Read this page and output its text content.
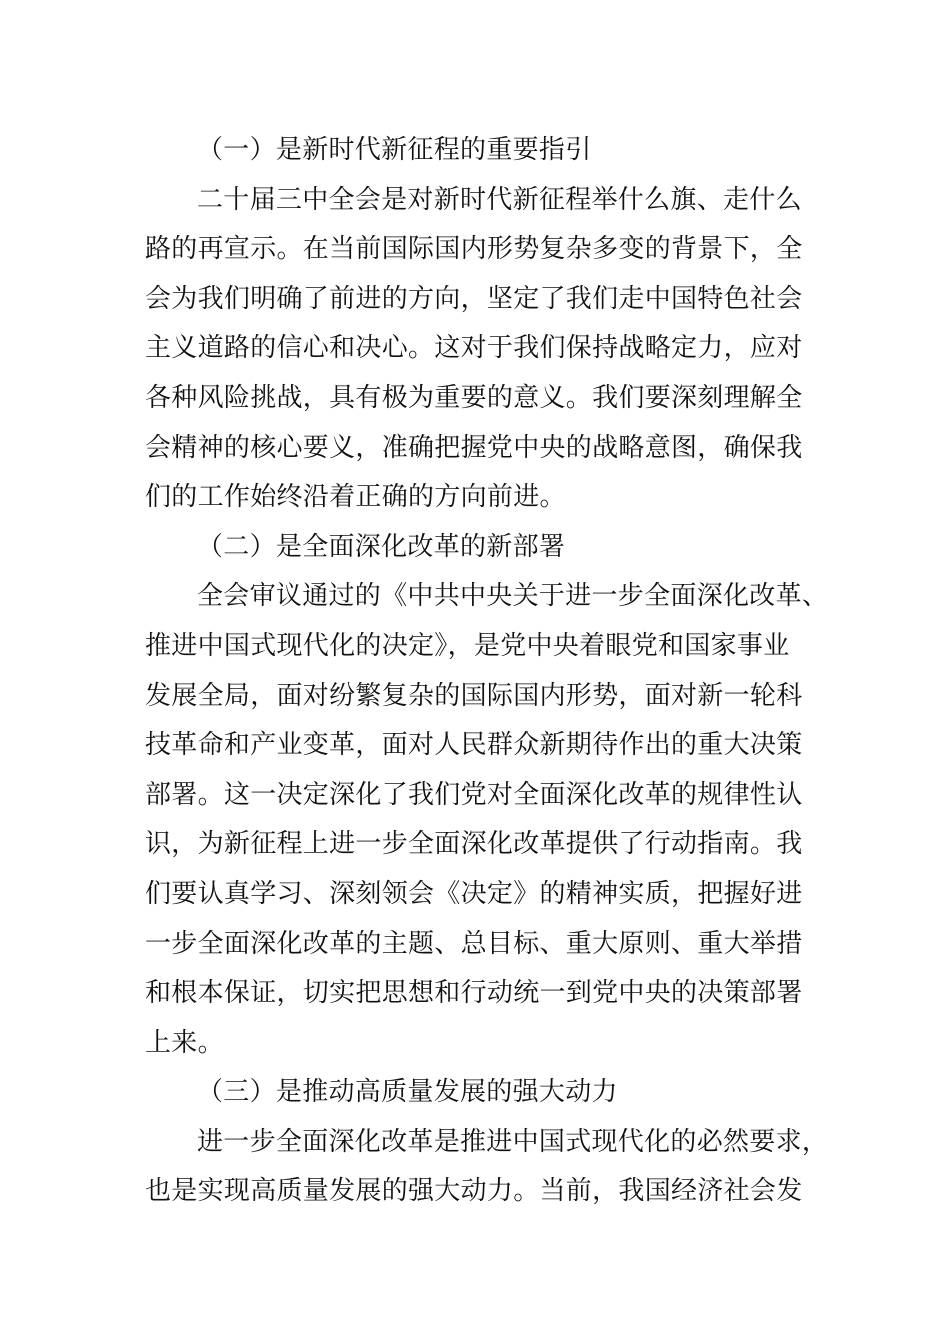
（一）是新时代新征程的重要指引
二十届三中全会是对新时代新征程举什么旗、走什么
路的再宣示。在当前国际国内形势复杂多变的背景下，全
会为我们明确了前进的方向，坚定了我们走中国特色社会
主义道路的信心和决心。这对于我们保持战略定力，应对
各种风险挑战，具有极为重要的意义。我们要深刻理解全
会精神的核心要义，准确把握党中央的战略意图，确保我
们的工作始终沿着正确的方向前进。
（二）是全面深化改革的新部署
全会审议通过的《中共中央关于进一步全面深化改革、
推进中国式现代化的决定》，是党中央着眼党和国家事业
发展全局，面对纷繁复杂的国际国内形势，面对新一轮科
技革命和产业变革，面对人民群众新期待作出的重大决策
部署。这一决定深化了我们党对全面深化改革的规律性认
识，为新征程上进一步全面深化改革提供了行动指南。我
们要认真学习、深刻领会《决定》的精神实质，把握好进
一步全面深化改革的主题、总目标、重大原则、重大举措
和根本保证，切实把思想和行动统一到党中央的决策部署
上来。
（三）是推动高质量发展的强大动力
进一步全面深化改革是推进中国式现代化的必然要求，
也是实现高质量发展的强大动力。当前，我国经济社会发
